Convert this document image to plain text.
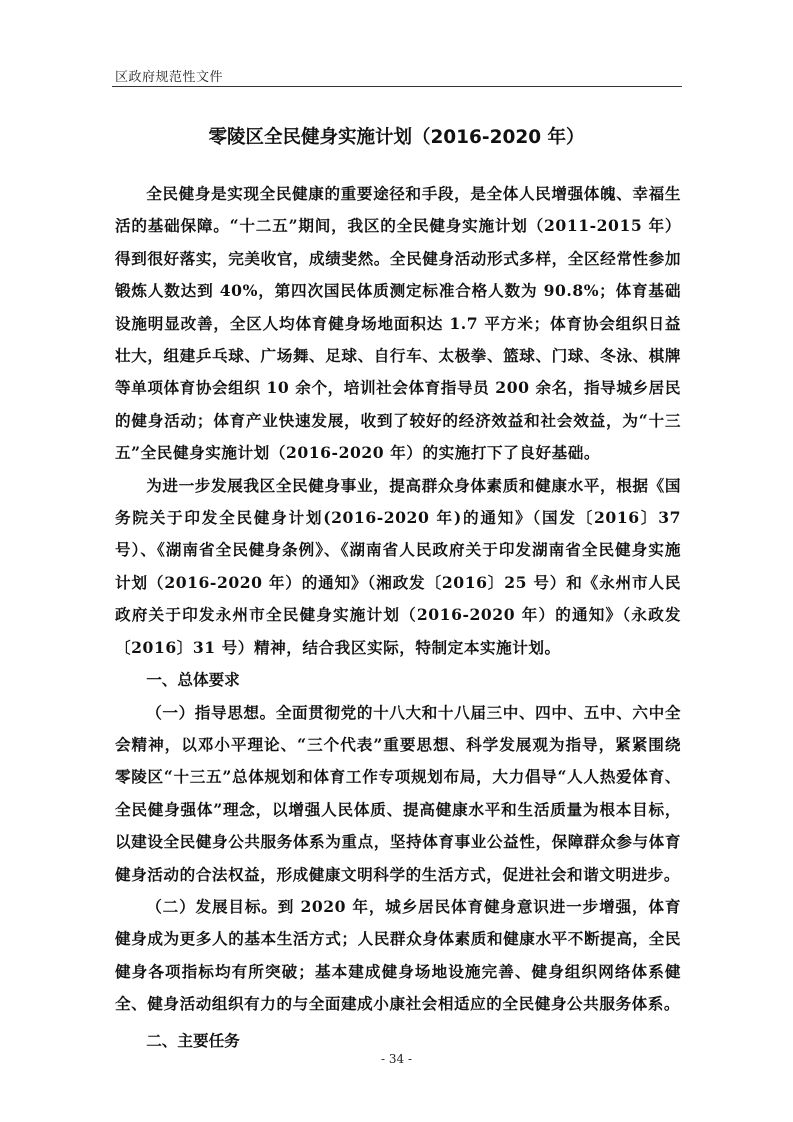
区政府规范性文件
零陵区全民健身实施计划（2016-2020 年）

全民健身是实现全民健康的重要途径和手段，是全体人民增强体魄、幸福生活的基础保障。“十二五”期间，我区的全民健身实施计划（2011-2015 年）得到很好落实，完美收官，成绩斐然。全民健身活动形式多样，全区经常性参加锻炼人数达到 40%，第四次国民体质测定标准合格人数为 90.8%；体育基础设施明显改善，全区人均体育健身场地面积达 1.7 平方米；体育协会组织日益壮大，组建乒乓球、广场舞、足球、自行车、太极拳、篮球、门球、冬泳、棋牌等单项体育协会组织 10 余个，培训社会体育指导员 200 余名，指导城乡居民的健身活动；体育产业快速发展，收到了较好的经济效益和社会效益，为“十三五”全民健身实施计划（2016-2020 年）的实施打下了良好基础。

为进一步发展我区全民健身事业，提高群众身体素质和健康水平，根据《国务院关于印发全民健身计划(2016-2020 年)的通知》（国发〔2016〕37 号）、《湖南省全民健身条例》、《湖南省人民政府关于印发湖南省全民健身实施计划（2016-2020 年）的通知》（湘政发〔2016〕25 号）和《永州市人民政府关于印发永州市全民健身实施计划（2016-2020 年）的通知》（永政发〔2016〕31 号）精神，结合我区实际，特制定本实施计划。

一、总体要求

（一）指导思想。全面贯彻党的十八大和十八届三中、四中、五中、六中全会精神，以邓小平理论、“三个代表”重要思想、科学发展观为指导，紧紧围绕零陵区“十三五”总体规划和体育工作专项规划布局，大力倡导“人人热爱体育、全民健身强体”理念，以增强人民体质、提高健康水平和生活质量为根本目标，以建设全民健身公共服务体系为重点，坚持体育事业公益性，保障群众参与体育健身活动的合法权益，形成健康文明科学的生活方式，促进社会和谐文明进步。

（二）发展目标。到 2020 年，城乡居民体育健身意识进一步增强，体育健身成为更多人的基本生活方式；人民群众身体素质和健康水平不断提高，全民健身各项指标均有所突破；基本建成健身场地设施完善、健身组织网络体系健全、健身活动组织有力的与全面建成小康社会相适应的全民健身公共服务体系。

二、主要任务
- 34 -
